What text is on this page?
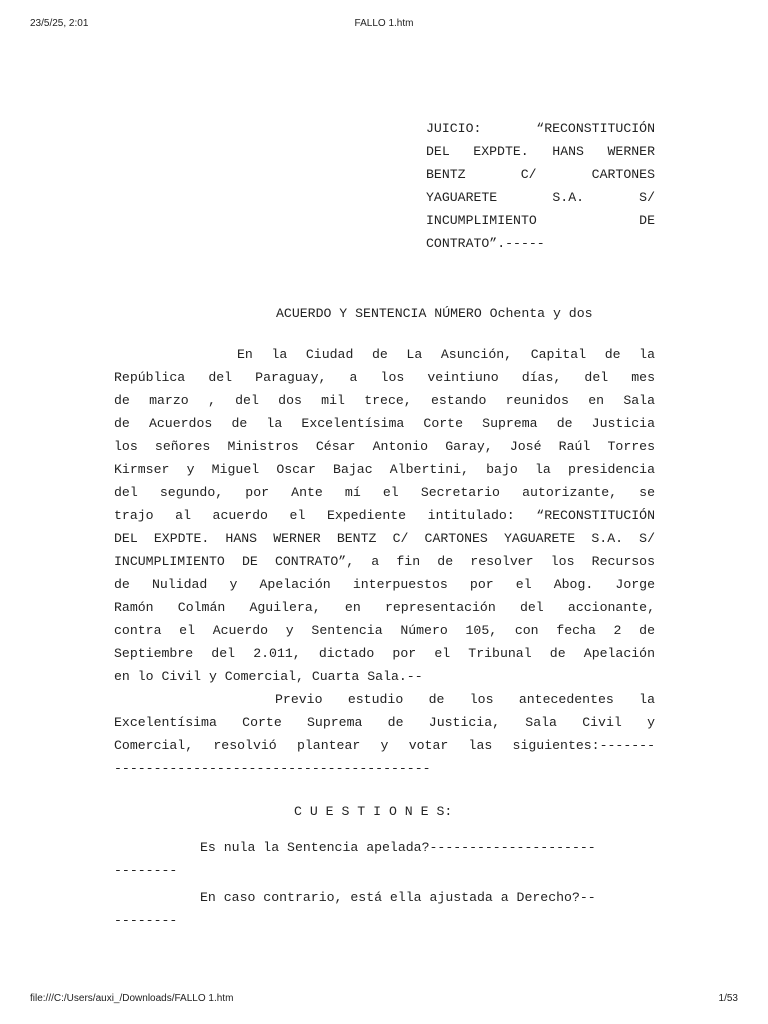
23/5/25, 2:01	FALLO 1.htm
JUICIO: “RECONSTITUCIÓN
DEL EXPDTE. HANS WERNER
BENTZ C/ CARTONES
YAGUARETE S.A. S/
INCUMPLIMIENTO DE
CONTRATO”.-----
ACUERDO Y SENTENCIA NÚMERO Ochenta y dos
En la Ciudad de La Asunción, Capital de la
República del Paraguay, a los veintiuno días, del mes
de marzo , del dos mil trece, estando reunidos en Sala
de Acuerdos de la Excelentísima Corte Suprema de Justicia
los señores Ministros César Antonio Garay, José Raúl Torres
Kirmser y Miguel Oscar Bajac Albertini, bajo la presidencia
del segundo, por Ante mí el Secretario autorizante, se
trajo al acuerdo el Expediente intitulado: “RECONSTITUCIÓN
DEL EXPDTE. HANS WERNER BENTZ C/ CARTONES YAGUARETE S.A. S/
INCUMPLIMIENTO DE CONTRATO”, a fin de resolver los Recursos
de Nulidad y Apelación interpuestos por el Abog. Jorge
Ramón Colmán Aguilera, en representación del accionante,
contra el Acuerdo y Sentencia Número 105, con fecha 2 de
Septiembre del 2.011, dictado por el Tribunal de Apelación
en lo Civil y Comercial, Cuarta Sala.--
Previo estudio de los antecedentes la
Excelentísima Corte Suprema de Justicia, Sala Civil y
Comercial, resolvió plantear y votar las siguientes:-------
----------------------------------------
C U E S T I O N E S:
Es nula la Sentencia apelada?---------------------
--------
En caso contrario, está ella ajustada a Derecho?--
--------
file:///C:/Users/auxi_/Downloads/FALLO 1.htm	1/53
